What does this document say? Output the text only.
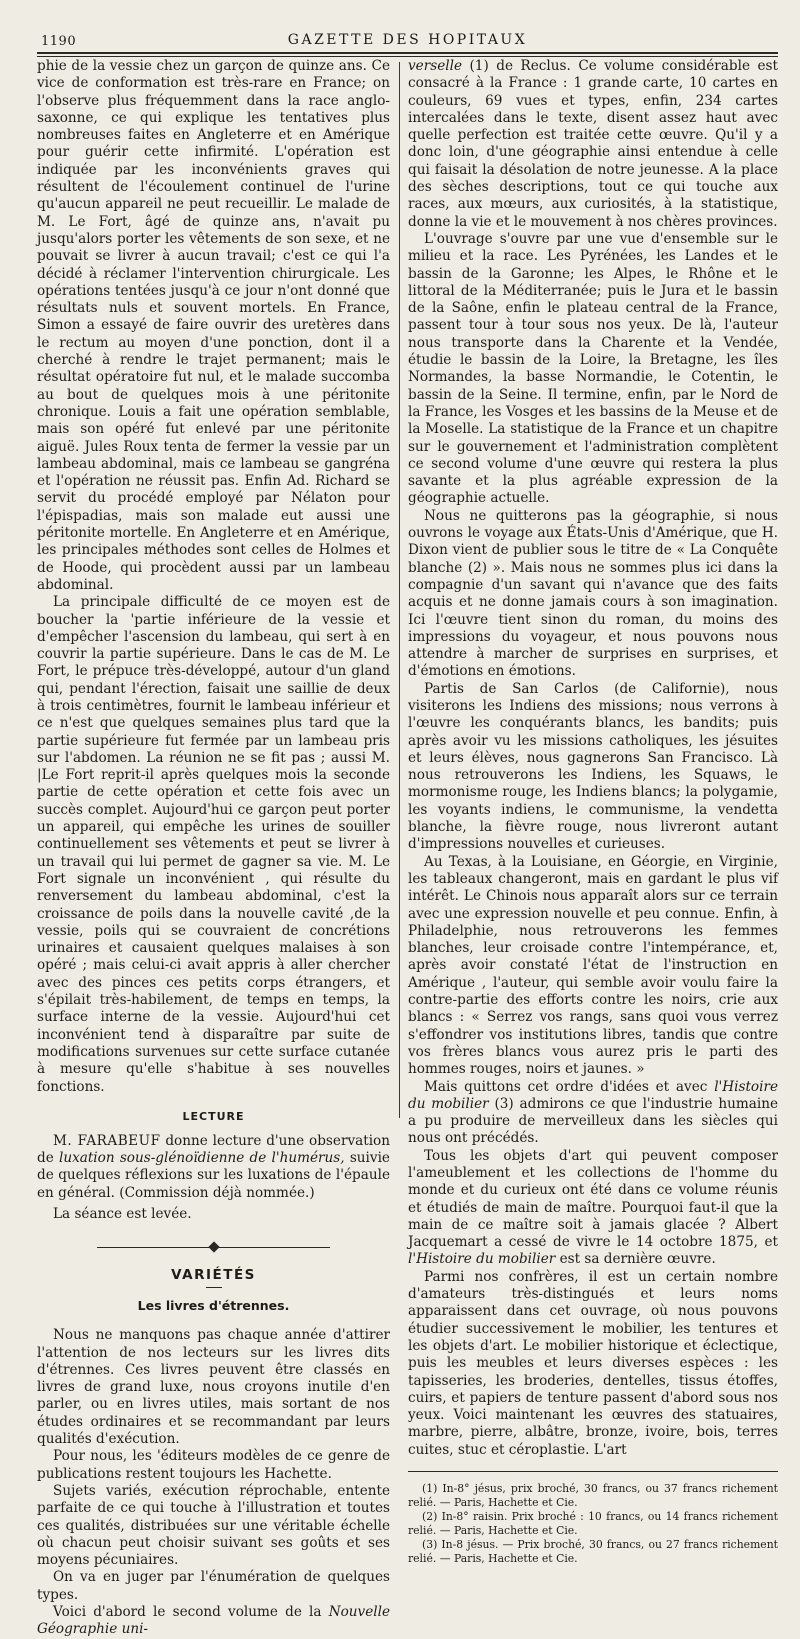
1190	GAZETTE DES HOPITAUX

phie de la vessie chez un garçon de quinze ans. Ce vice de conformation est très-rare en France; on l'observe plus fréquemment dans la race anglo-saxonne, ce qui explique les tentatives plus nombreuses faites en Angleterre et en Amérique pour guérir cette infirmité. L'opération est indiquée par les inconvénients graves qui résultent de l'écoulement continuel de l'urine qu'aucun appareil ne peut recueillir. Le malade de M. Le Fort, âgé de quinze ans, n'avait pu jusqu'alors porter les vêtements de son sexe, et ne pouvait se livrer à aucun travail; c'est ce qui l'a décidé à réclamer l'intervention chirurgicale. Les opérations tentées jusqu'à ce jour n'ont donné que résultats nuls et souvent mortels. En France, Simon a essayé de faire ouvrir des uretères dans le rectum au moyen d'une ponction, dont il a cherché à rendre le trajet permanent; mais le résultat opératoire fut nul, et le malade succomba au bout de quelques mois à une péritonite chronique. Louis a fait une opération semblable, mais son opéré fut enlevé par une péritonite aiguë. Jules Roux tenta de fermer la vessie par un lambeau abdominal, mais ce lambeau se gangréna et l'opération ne réussit pas. Enfin Ad. Richard se servit du procédé employé par Nélaton pour l'épispadias, mais son malade eut aussi une péritonite mortelle. En Angleterre et en Amérique, les principales méthodes sont celles de Holmes et de Hoode, qui procèdent aussi par un lambeau abdominal.

La principale difficulté de ce moyen est de boucher la 'partie inférieure de la vessie et d'empêcher l'ascension du lambeau, qui sert à en couvrir la partie supérieure. Dans le cas de M. Le Fort, le prépuce très-développé, autour d'un gland qui, pendant l'érection, faisait une saillie de deux à trois centimètres, fournit le lambeau inférieur et ce n'est que quelques semaines plus tard que la partie supérieure fut fermée par un lambeau pris sur l'abdomen. La réunion ne se fit pas ; aussi M. |Le Fort reprit-il après quelques mois la seconde partie de cette opération et cette fois avec un succès complet. Aujourd'hui ce garçon peut porter un appareil, qui empêche les urines de souiller continuellement ses vêtements et peut se livrer à un travail qui lui permet de gagner sa vie. M. Le Fort signale un inconvénient , qui résulte du renversement du lambeau abdominal, c'est la croissance de poils dans la nouvelle cavité ,de la vessie, poils qui se couvraient de concrétions urinaires et causaient quelques malaises à son opéré ; mais celui-ci avait appris à aller chercher avec des pinces ces petits corps étrangers, et s'épilait très-habilement, de temps en temps, la surface interne de la vessie. Aujourd'hui cet inconvénient tend à disparaître par suite de modifications survenues sur cette surface cutanée à mesure qu'elle s'habitue à ses nouvelles fonctions.

LECTURE

M. FARABEUF donne lecture d'une observation de luxation sous-glénoïdienne de l'humérus, suivie de quelques réflexions sur les luxations de l'épaule en général. (Commission déjà nommée.)

La séance est levée.

VARIÉTÉS
Les livres d'étrennes.

Nous ne manquons pas chaque année d'attirer l'attention de nos lecteurs sur les livres dits d'étrennes. Ces livres peuvent être classés en livres de grand luxe, nous croyons inutile d'en parler, ou en livres utiles, mais sortant de nos études ordinaires et se recommandant par leurs qualités d'exécution.

Pour nous, les 'éditeurs modèles de ce genre de publications restent toujours les Hachette.

Sujets variés, exécution réprochable, entente parfaite de ce qui touche à l'illustration et toutes ces qualités, distribuées sur une véritable échelle où chacun peut choisir suivant ses goûts et ses moyens pécuniaires.

On va en juger par l'énumération de quelques types.

Voici d'abord le second volume de la Nouvelle Géographie uni-

verselle (1) de Reclus. Ce volume considérable est consacré à la France : 1 grande carte, 10 cartes en couleurs, 69 vues et types, enfin, 234 cartes intercalées dans le texte, disent assez haut avec quelle perfection est traitée cette œuvre. Qu'il y a donc loin, d'une géographie ainsi entendue à celle qui faisait la désolation de notre jeunesse. A la place des sèches descriptions, tout ce qui touche aux races, aux mœurs, aux curiosités, à la statistique, donne la vie et le mouvement à nos chères provinces.

L'ouvrage s'ouvre par une vue d'ensemble sur le milieu et la race. Les Pyrénées, les Landes et le bassin de la Garonne; les Alpes, le Rhône et le littoral de la Méditerranée; puis le Jura et le bassin de la Saône, enfin le plateau central de la France, passent tour à tour sous nos yeux. De là, l'auteur nous transporte dans la Charente et la Vendée, étudie le bassin de la Loire, la Bretagne, les îles Normandes, la basse Normandie, le Cotentin, le bassin de la Seine. Il termine, enfin, par le Nord de la France, les Vosges et les bassins de la Meuse et de la Moselle. La statistique de la France et un chapitre sur le gouvernement et l'administration complètent ce second volume d'une œuvre qui restera la plus savante et la plus agréable expression de la géographie actuelle.

Nous ne quitterons pas la géographie, si nous ouvrons le voyage aux États-Unis d'Amérique, que H. Dixon vient de publier sous le titre de « La Conquête blanche (2) ». Mais nous ne sommes plus ici dans la compagnie d'un savant qui n'avance que des faits acquis et ne donne jamais cours à son imagination. Ici l'œuvre tient sinon du roman, du moins des impressions du voyageur, et nous pouvons nous attendre à marcher de surprises en surprises, et d'émotions en émotions.

Partis de San Carlos (de Californie), nous visiterons les Indiens des missions; nous verrons à l'œuvre les conquérants blancs, les bandits; puis après avoir vu les missions catholiques, les jésuites et leurs élèves, nous gagnerons San Francisco. Là nous retrouverons les Indiens, les Squaws, le mormonisme rouge, les Indiens blancs; la polygamie, les voyants indiens, le communisme, la vendetta blanche, la fièvre rouge, nous livreront autant d'impressions nouvelles et curieuses.

Au Texas, à la Louisiane, en Géorgie, en Virginie, les tableaux changeront, mais en gardant le plus vif intérêt. Le Chinois nous apparaît alors sur ce terrain avec une expression nouvelle et peu connue. Enfin, à Philadelphie, nous retrouverons les femmes blanches, leur croisade contre l'intempérance, et, après avoir constaté l'état de l'instruction en Amérique , l'auteur, qui semble avoir voulu faire la contre-partie des efforts contre les noirs, crie aux blancs : « Serrez vos rangs, sans quoi vous verrez s'effondrer vos institutions libres, tandis que contre vos frères blancs vous aurez pris le parti des hommes rouges, noirs et jaunes. »

Mais quittons cet ordre d'idées et avec l'Histoire du mobilier (3) admirons ce que l'industrie humaine a pu produire de merveilleux dans les siècles qui nous ont précédés.

Tous les objets d'art qui peuvent composer l'ameublement et les collections de l'homme du monde et du curieux ont été dans ce volume réunis et étudiés de main de maître. Pourquoi faut-il que la main de ce maître soit à jamais glacée ? Albert Jacquemart a cessé de vivre le 14 octobre 1875, et l'Histoire du mobilier est sa dernière œuvre.

Parmi nos confrères, il est un certain nombre d'amateurs très-distingués et leurs noms apparaissent dans cet ouvrage, où nous pouvons étudier successivement le mobilier, les tentures et les objets d'art. Le mobilier historique et éclectique, puis les meubles et leurs diverses espèces : les tapisseries, les broderies, dentelles, tissus étoffes, cuirs, et papiers de tenture passent d'abord sous nos yeux. Voici maintenant les œuvres des statuaires, marbre, pierre, albâtre, bronze, ivoire, bois, terres cuites, stuc et céroplastie. L'art

(1) In-8° jésus, prix broché, 30 francs, ou 37 francs richement relié. — Paris, Hachette et Cie.

(2) In-8° raisin. Prix broché : 10 francs, ou 14 francs richement relié. — Paris, Hachette et Cie.

(3) In-8 jésus. — Prix broché, 30 francs, ou 27 francs richement relié. — Paris, Hachette et Cie.
